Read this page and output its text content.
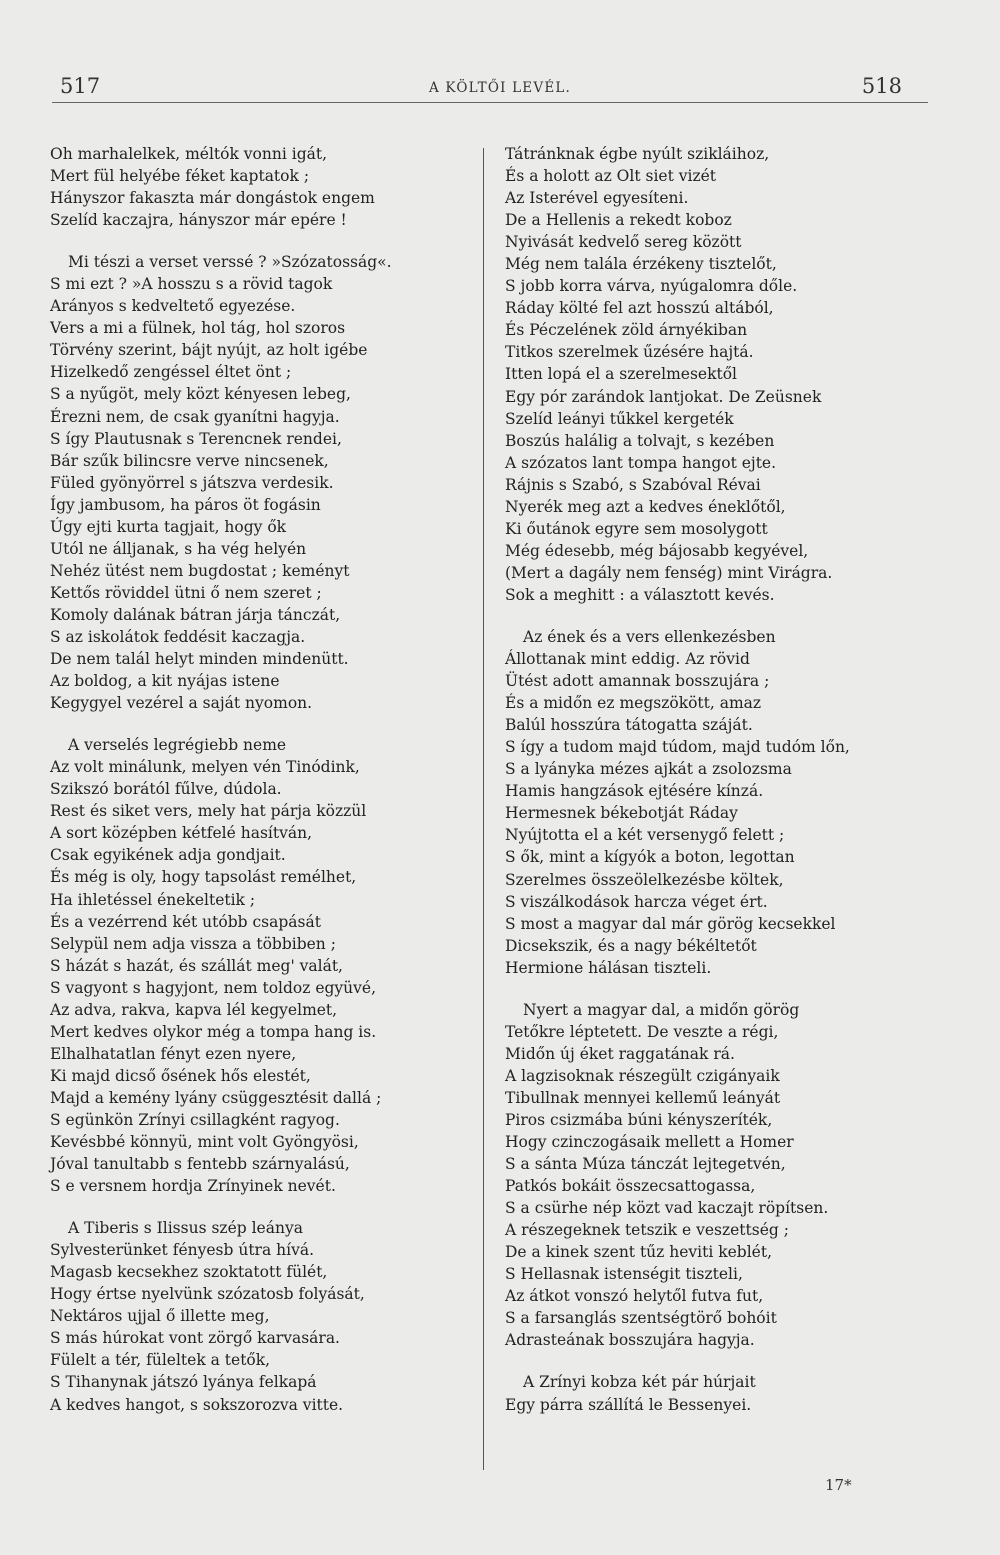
517	A KÖLTŐI LEVÉL.	518
Oh marhalelkek, méltók vonni igát,
Mert fül helyébe féket kaptatok ;
Hányszor fakaszta már dongástok engem
Szelíd kaczajra, hányszor már epére !
Mi tészi a verset verssé ? »Szózatosság«.
S mi ezt ? »A hosszu s a rövid tagok
Arányos s kedveltető egyezése.
Vers a mi a fülnek, hol tág, hol szoros
Törvény szerint, bájt nyújt, az holt igébe
Hizelkedő zengéssel éltet önt ;
S a nyűgöt, mely közt kényesen lebeg,
Érezni nem, de csak gyanítni hagyja.
S így Plautusnak s Terencnek rendei,
Bár szűk bilincsre verve nincsenek,
Füled gyönyörrel s játszva verdesik.
Így jambusom, ha páros öt fogásin
Úgy ejti kurta tagjait, hogy ők
Utól ne álljanak, s ha vég helyén
Nehéz ütést nem bugdostat ; keményt
Kettős röviddel ütni ő nem szeret ;
Komoly dalának bátran járja tánczát,
S az iskolátok feddésit kaczagja.
De nem talál helyt minden mindenütt.
Az boldog, a kit nyájas istene
Kegygyel vezérel a saját nyomon.
A verselés legrégiebb neme
Az volt minálunk, melyen vén Tinódink,
Szikszó borától fűlve, dúdola.
Rest és siket vers, mely hat párja közzül
A sort középben kétfelé hasítván,
Csak egyikének adja gondjait.
És még is oly, hogy tapsolást remélhet,
Ha ihletéssel énekeltetik ;
És a vezérrend két utóbb csapását
Selypül nem adja vissza a többiben ;
S házát s hazát, és szállát meg' valát,
S vagyont s hagyjont, nem toldoz együvé,
Az adva, rakva, kapva lél kegyelmet,
Mert kedves olykor még a tompa hang is.
Elhalhatatlan fényt ezen nyere,
Ki majd dicső ősének hős elestét,
Majd a kemény lyány csüggesztésit dallá ;
S egünkön Zrínyi csillagként ragyog.
Kevésbbé könnyü, mint volt Gyöngyösi,
Jóval tanultabb s fentebb szárnyalású,
S e versnem hordja Zrínyinek nevét.
A Tiberis s Ilissus szép leánya
Sylvesterünket fényesb útra hívá.
Magasb kecsekhez szoktatott fülét,
Hogy értse nyelvünk szózatosb folyását,
Nektáros ujjal ő illette meg,
S más húrokat vont zörgő karvasára.
Fülelt a tér, füleltek a tetők,
S Tihanynak játszó lyánya felkapá
A kedves hangot, s sokszorozva vitte.
Tátránknak égbe nyúlt szikláihoz,
És a holott az Olt siet vizét
Az Isterével egyesíteni.
De a Hellenis a rekedt koboz
Nyivását kedvelő sereg között
Még nem talála érzékeny tisztelőt,
S jobb korra várva, nyúgalomra dőle.
Ráday költé fel azt hosszú altából,
És Péczelének zöld árnyékiban
Titkos szerelmek űzésére hajtá.
Itten lopá el a szerelmesektől
Egy pór zarándok lantjokat. De Zeüsnek
Szelíd leányi tűkkel kergeték
Boszús halálig a tolvajt, s kezében
A szózatos lant tompa hangot ejte.
Rájnis s Szabó, s Szabóval Révai
Nyerék meg azt a kedves éneklőtől,
Ki őutánok egyre sem mosolygott
Még édesebb, még bájosabb kegyével,
(Mert a dagály nem fenség) mint Virágra.
Sok a meghitt : a választott kevés.
Az ének és a vers ellenkezésben
Állottanak mint eddig. Az rövid
Ütést adott amannak bosszujára ;
És a midőn ez megszökött, amaz
Balúl hosszúra tátogatta száját.
S így a tudom majd túdom, majd tudóm lőn,
S a lyányka mézes ajkát a zsolozsma
Hamis hangzások ejtésére kínzá.
Hermesnek békebotját Ráday
Nyújtotta el a két versenygő felett ;
S ők, mint a kígyók a boton, legottan
Szerelmes összeölelkezésbe költek,
S viszálkodások harcza véget ért.
S most a magyar dal már görög kecsekkel
Dicsekszik, és a nagy békéltetőt
Hermione hálásan tiszteli.
Nyert a magyar dal, a midőn görög
Tetőkre léptetett. De veszte a régi,
Midőn új éket raggatának rá.
A lagzisoknak részegült czigányaik
Tibullnak mennyei kellemű leányát
Piros csizmába búni kényszeríték,
Hogy czinczogásaik mellett a Homer
S a sánta Múza tánczát lejtegetvén,
Patkós bokáit összecsattogassa,
S a csürhe nép közt vad kaczajt röpítsen.
A részegeknek tetszik e veszettség ;
De a kinek szent tűz heviti keblét,
S Hellasnak istenségit tiszteli,
Az átkot vonszó helytől futva fut,
S a farsanglás szentségtörő bohóit
Adrasteának bosszujára hagyja.
A Zrínyi kobza két pár húrjait
Egy párra szállítá le Bessenyei.
17*
